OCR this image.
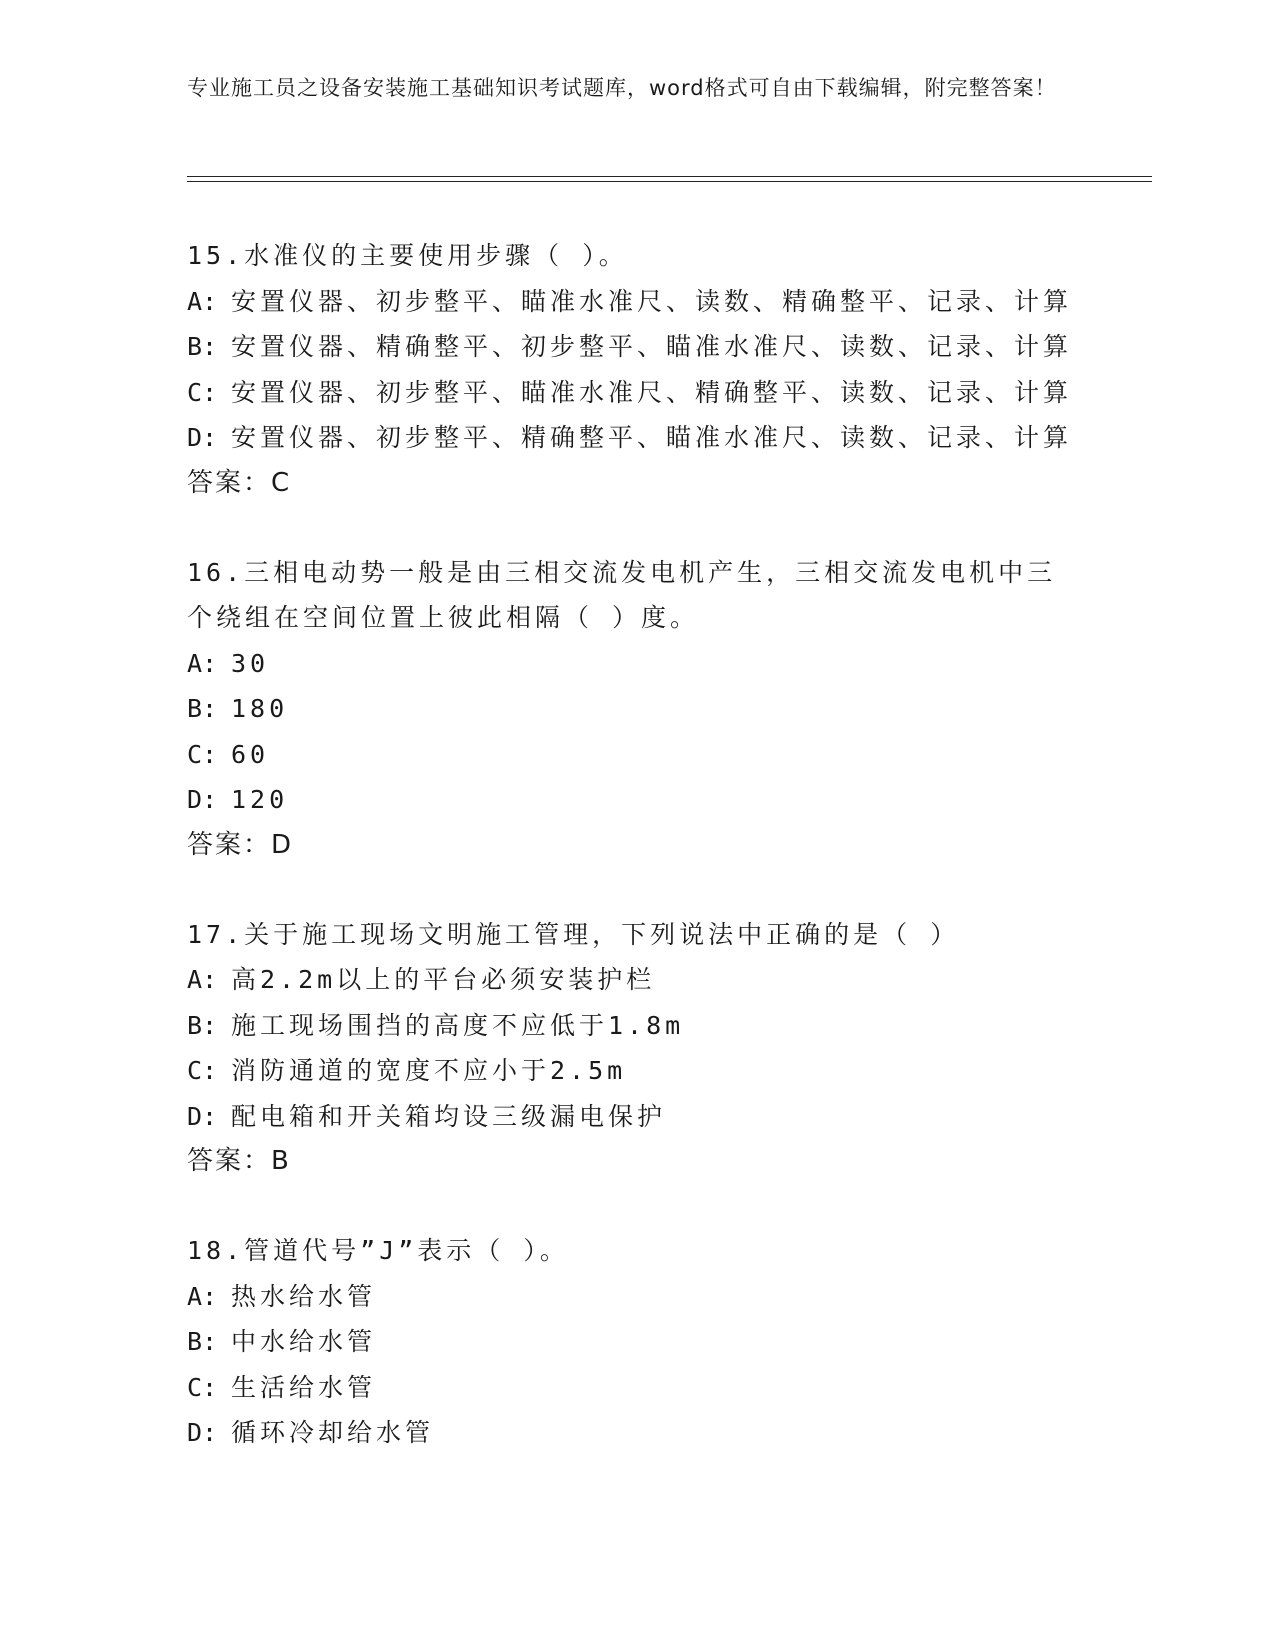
专业施工员之设备安装施工基础知识考试题库，word格式可自由下载编辑，附完整答案！
15.水准仪的主要使用步骤（ ）。
A: 安置仪器、初步整平、瞄准水准尺、读数、精确整平、记录、计算
B: 安置仪器、精确整平、初步整平、瞄准水准尺、读数、记录、计算
C: 安置仪器、初步整平、瞄准水准尺、精确整平、读数、记录、计算
D: 安置仪器、初步整平、精确整平、瞄准水准尺、读数、记录、计算
答案：C
16.三相电动势一般是由三相交流发电机产生，三相交流发电机中三个绕组在空间位置上彼此相隔（ ）度。
A: 30
B: 180
C: 60
D: 120
答案：D
17.关于施工现场文明施工管理，下列说法中正确的是（ ）
A: 高2.2m以上的平台必须安装护栏
B: 施工现场围挡的高度不应低于1.8m
C: 消防通道的宽度不应小于2.5m
D: 配电箱和开关箱均设三级漏电保护
答案：B
18.管道代号”J”表示（ ）。
A: 热水给水管
B: 中水给水管
C: 生活给水管
D: 循环冷却给水管
